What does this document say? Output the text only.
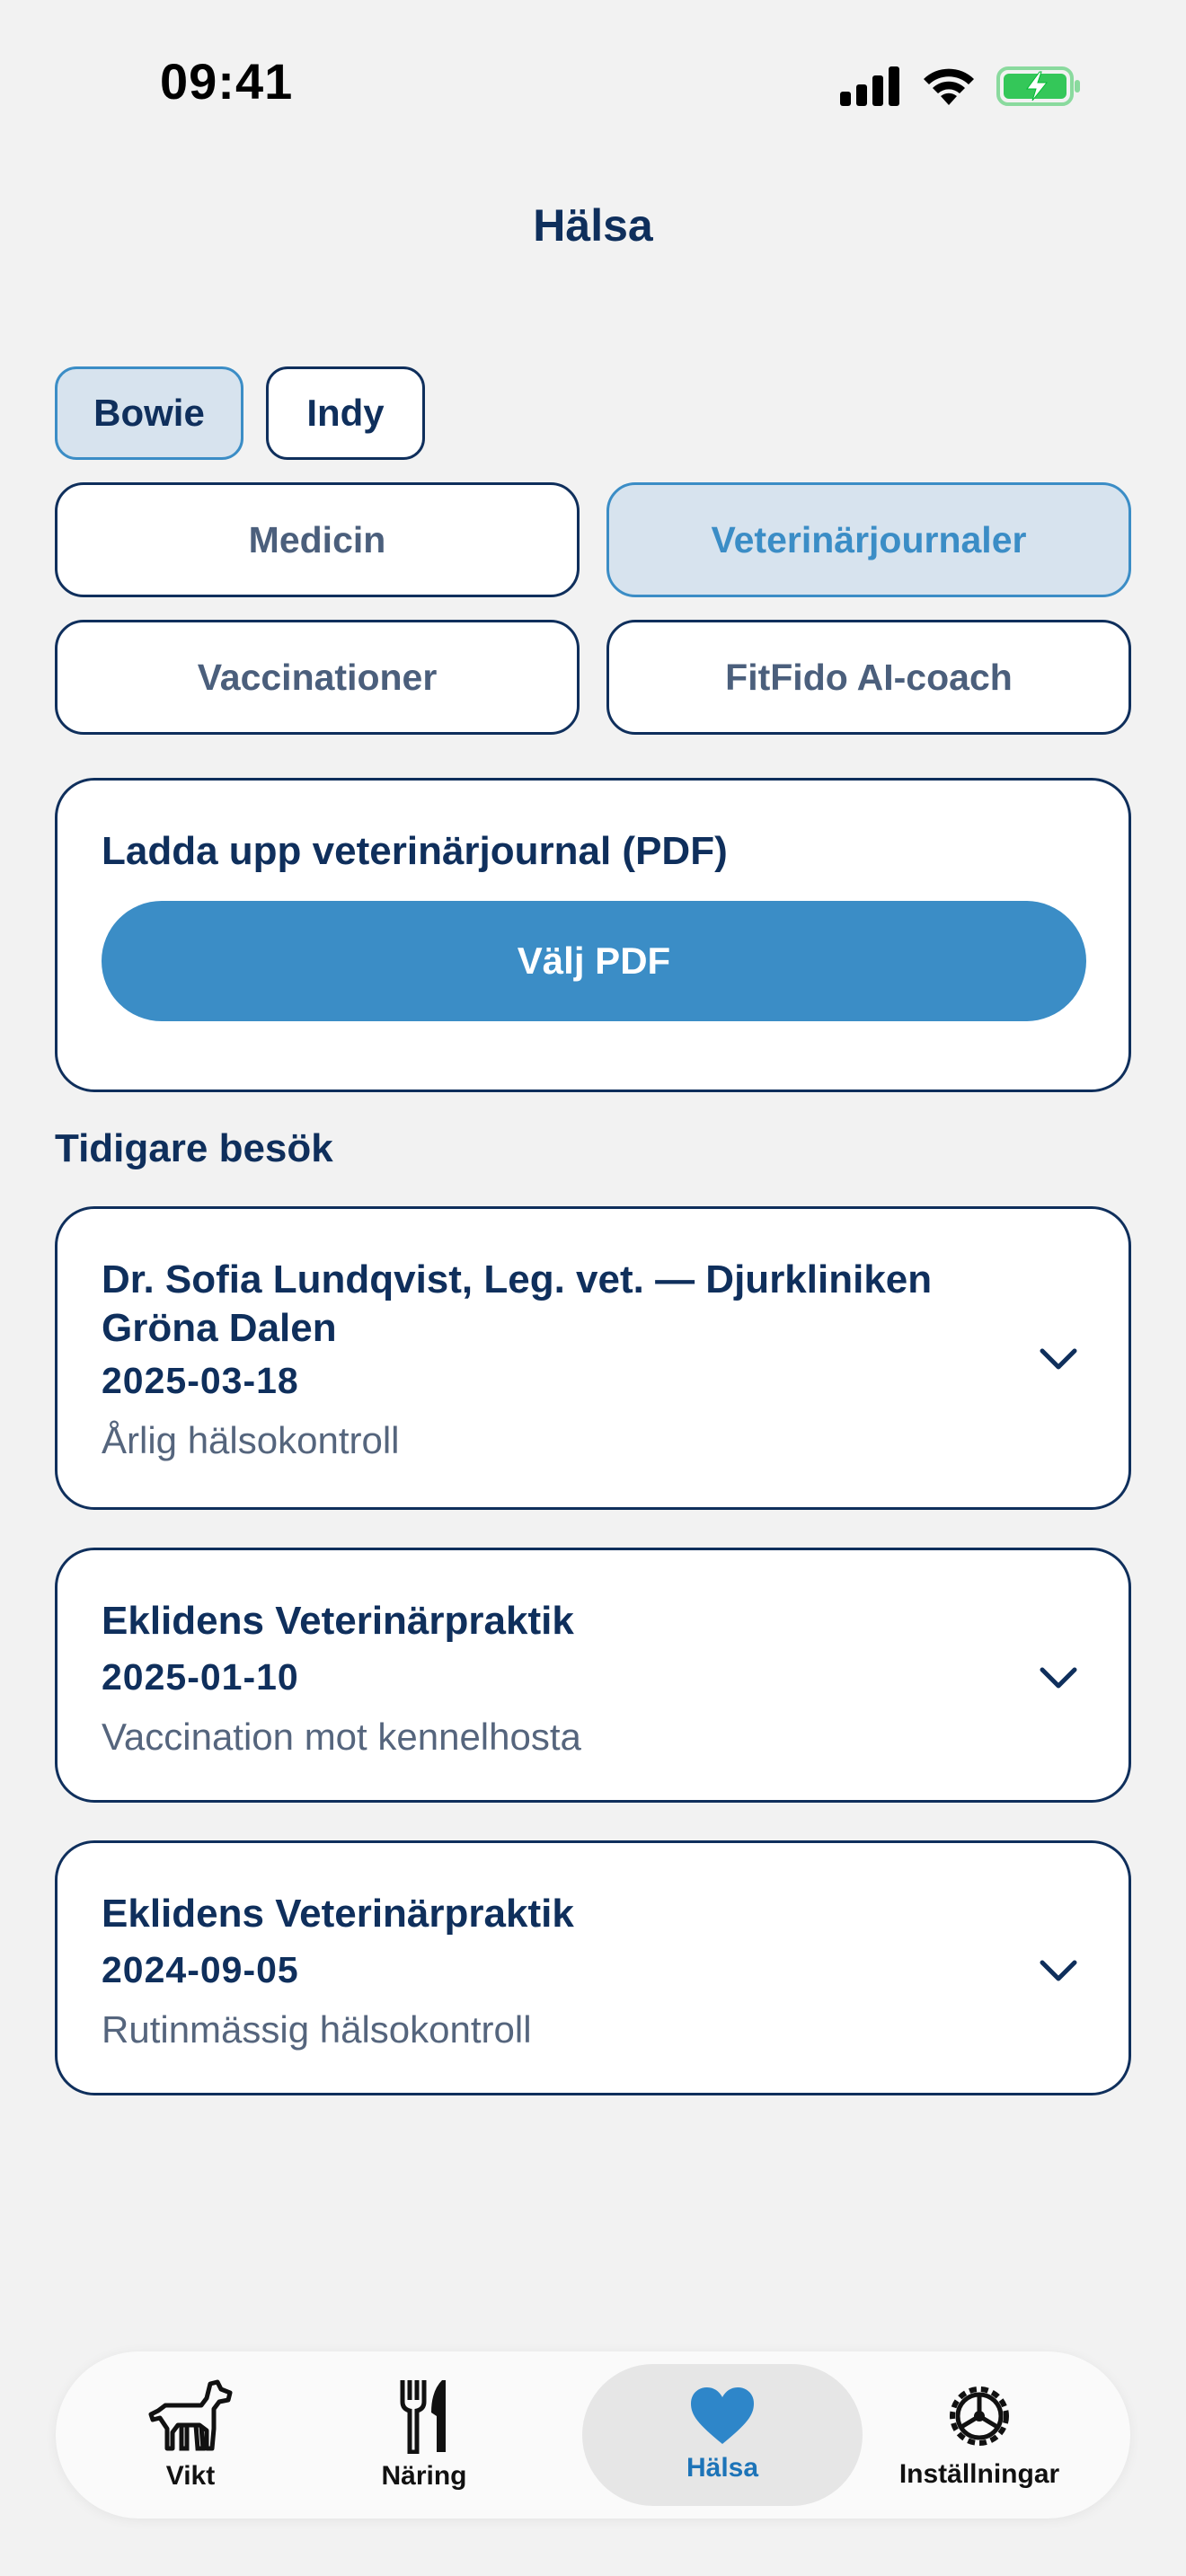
09:41
Hälsa
Bowie	Indy
Medicin	Veterinärjournaler
Vaccinationer	FitFido AI-coach
Ladda upp veterinärjournal (PDF)
Välj PDF
Tidigare besök
Dr. Sofia Lundqvist, Leg. vet. — Djurkliniken Gröna Dalen
2025-03-18
Årlig hälsokontroll
Eklidens Veterinärpraktik
2025-01-10
Vaccination mot kennelhosta
Eklidens Veterinärpraktik
2024-09-05
Rutinmässig hälsokontroll
Vikt	Näring	Hälsa	Inställningar
